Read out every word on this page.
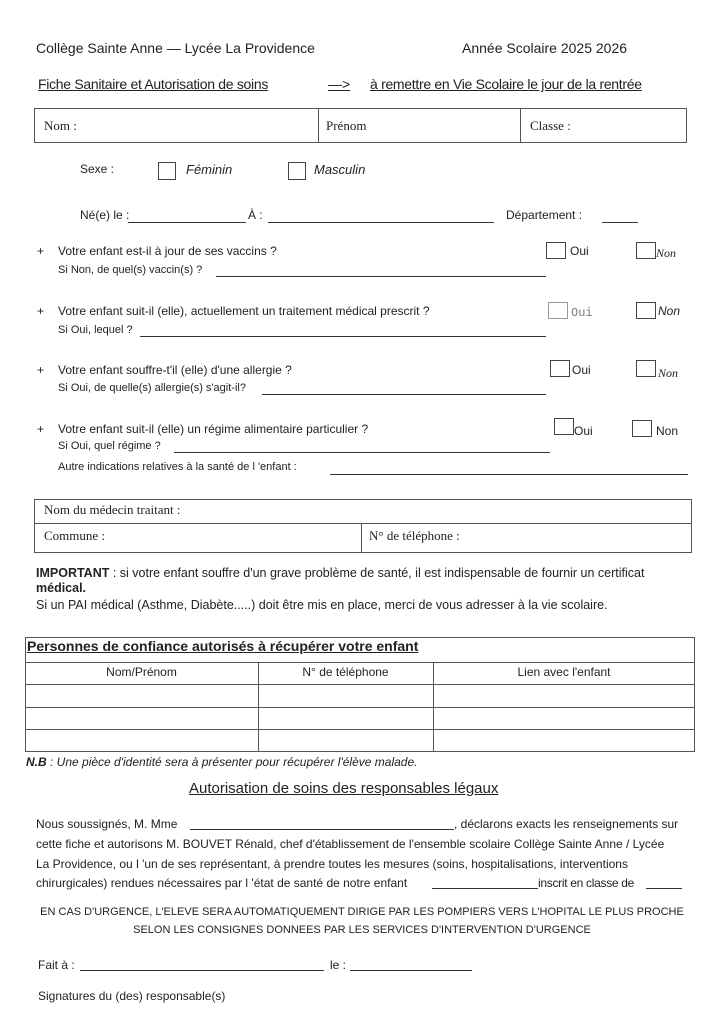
Collège Sainte Anne — Lycée La Providence	Année Scolaire 2025 2026
Fiche Sanitaire et Autorisation de soins	—> à remettre en Vie Scolaire le jour de la rentrée
Nom :	Prénom	Classe :
Sexe :	Féminin	Masculin
Né(e) le :	À :	Département :
+ Votre enfant est-il à jour de ses vaccins ?
Si Non, de quel(s) vaccin(s) ?
Oui	Non
+ Votre enfant suit-il (elle), actuellement un traitement médical prescrit ?
Si Oui, lequel ?
Oui	Non
+ Votre enfant souffre-t'il (elle) d'une allergie ?
Si Oui, de quelle(s) allergie(s) s'agit-il?
Oui	Non
+ Votre enfant suit-il (elle) un régime alimentaire particulier ?
Si Oui, quel régime ?
Oui	Non
Autre indications relatives à la santé de l 'enfant :
Nom du médecin traitant :
Commune :	N° de téléphone :
IMPORTANT : si votre enfant souffre d'un grave problème de santé, il est indispensable de fournir un certificat médical.
Si un PAI médical (Asthme, Diabète.....) doit être mis en place, merci de vous adresser à la vie scolaire.
Personnes de confiance autorisés à récupérer votre enfant
Nom/Prénom	N° de téléphone	Lien avec l'enfant
N.B : Une pièce d'identité sera à présenter pour récupérer l'élève malade.
Autorisation de soins des responsables légaux
Nous soussignés, M. Mme	, déclarons exacts les renseignements sur
cette fiche et autorisons M. BOUVET Rénald, chef d'établissement de l'ensemble scolaire Collège Sainte Anne / Lycée
La Providence, ou l 'un de ses représentant, à prendre toutes les mesures (soins, hospitalisations, interventions
chirurgicales) rendues nécessaires par l 'état de santé de notre enfant	inscrit en classe de
EN CAS D'URGENCE, L'ELEVE SERA AUTOMATIQUEMENT DIRIGE PAR LES POMPIERS VERS L'HOPITAL LE PLUS PROCHE
SELON LES CONSIGNES DONNEES PAR LES SERVICES D'INTERVENTION D'URGENCE
Fait à :	le :
Signatures du (des) responsable(s)
